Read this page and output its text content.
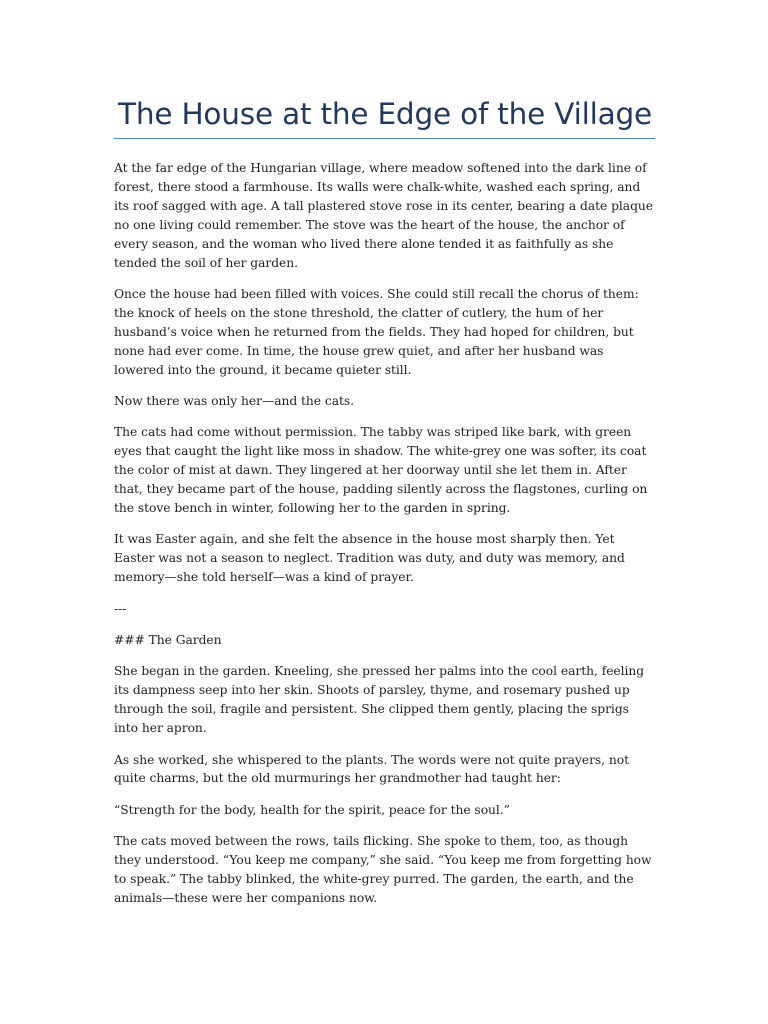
The House at the Edge of the Village

At the far edge of the Hungarian village, where meadow softened into the dark line of forest, there stood a farmhouse. Its walls were chalk-white, washed each spring, and its roof sagged with age. A tall plastered stove rose in its center, bearing a date plaque no one living could remember. The stove was the heart of the house, the anchor of every season, and the woman who lived there alone tended it as faithfully as she tended the soil of her garden.

Once the house had been filled with voices. She could still recall the chorus of them: the knock of heels on the stone threshold, the clatter of cutlery, the hum of her husband’s voice when he returned from the fields. They had hoped for children, but none had ever come. In time, the house grew quiet, and after her husband was lowered into the ground, it became quieter still.

Now there was only her—and the cats.

The cats had come without permission. The tabby was striped like bark, with green eyes that caught the light like moss in shadow. The white-grey one was softer, its coat the color of mist at dawn. They lingered at her doorway until she let them in. After that, they became part of the house, padding silently across the flagstones, curling on the stove bench in winter, following her to the garden in spring.

It was Easter again, and she felt the absence in the house most sharply then. Yet Easter was not a season to neglect. Tradition was duty, and duty was memory, and memory—she told herself—was a kind of prayer.

---

### The Garden

She began in the garden. Kneeling, she pressed her palms into the cool earth, feeling its dampness seep into her skin. Shoots of parsley, thyme, and rosemary pushed up through the soil, fragile and persistent. She clipped them gently, placing the sprigs into her apron.

As she worked, she whispered to the plants. The words were not quite prayers, not quite charms, but the old murmurings her grandmother had taught her:

“Strength for the body, health for the spirit, peace for the soul.”

The cats moved between the rows, tails flicking. She spoke to them, too, as though they understood. “You keep me company,” she said. “You keep me from forgetting how to speak.” The tabby blinked, the white-grey purred. The garden, the earth, and the animals—these were her companions now.
